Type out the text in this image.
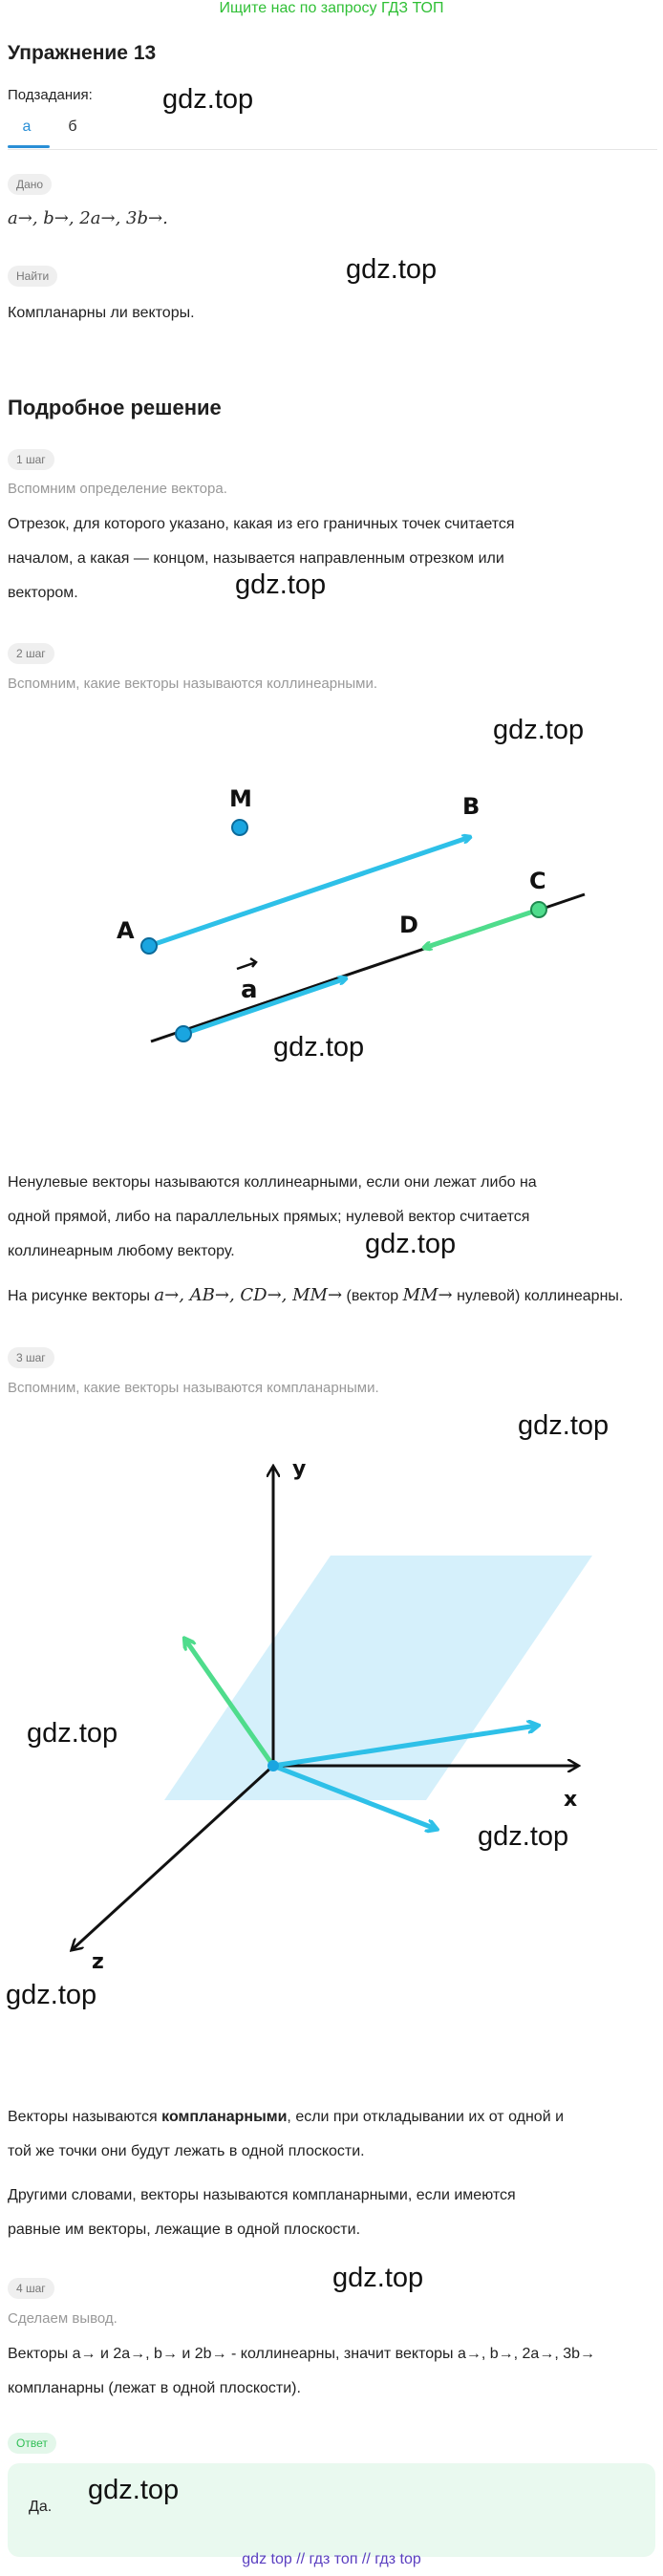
Ищите нас по запросу ГДЗ ТОП
Упражнение 13
Подзадания:
а	б
gdz.top
Дано
a→, b→, 2a→, 3b→.
gdz.top
Найти
Компланарны ли векторы.
Подробное решение
1 шаг
Вспомним определение вектора.
Отрезок, для которого указано, какая из его граничных точек считается
началом, а какая — концом, называется направленным отрезком или
вектором.	gdz.top
2 шаг
Вспомним, какие векторы называются коллинеарными.
gdz.top
M	B
A
C
D
a
gdz.top
Ненулевые векторы называются коллинеарными, если они лежат либо на
одной прямой, либо на параллельных прямых; нулевой вектор считается
коллинеарным любому вектору.	gdz.top
На рисунке векторы a→, AB→, CD→, MM→ (вектор MM→ нулевой) коллинеарны.
3 шаг
Вспомним, какие векторы называются компланарными.
gdz.top
y
x
z
gdz.top
gdz.top
gdz.top
Векторы называются компланарными, если при откладывании их от одной и
той же точки они будут лежать в одной плоскости.
Другими словами, векторы называются компланарными, если имеются
равные им векторы, лежащие в одной плоскости.
gdz.top
4 шаг
Сделаем вывод.
Векторы a→ и 2a→, b→ и 2b→ - коллинеарны, значит векторы a→, b→, 2a→, 3b→
компланарны (лежат в одной плоскости).
Ответ
Да.
gdz.top
gdz top // гдз топ // гдз top
